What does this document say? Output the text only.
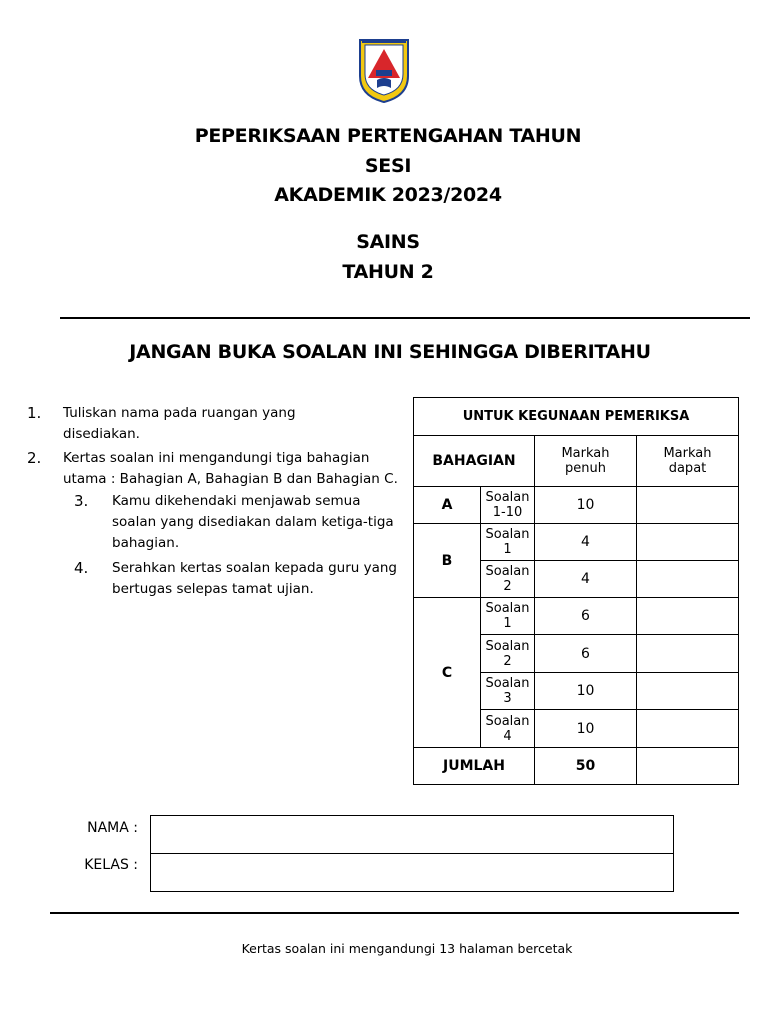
PEPERIKSAAN PERTENGAHAN TAHUN
SESI
AKADEMIK 2023/2024
SAINS
TAHUN 2
JANGAN BUKA SOALAN INI SEHINGGA DIBERITAHU
1. Tuliskan nama pada ruangan yang
disediakan.
2. Kertas soalan ini mengandungi tiga bahagian
utama : Bahagian A, Bahagian B dan Bahagian C.
3. Kamu dikehendaki menjawab semua
soalan yang disediakan dalam ketiga-tiga
bahagian.
4. Serahkan kertas soalan kepada guru yang
bertugas selepas tamat ujian.
UNTUK KEGUNAAN PEMERIKSA			
BAHAGIAN		Markah penuh	Markah dapat
A	Soalan 1-10	10	
B	Soalan 1	4	
	Soalan 2	4	
C	Soalan 1	6	
	Soalan 2	6	
	Soalan 3	10	
	Soalan 4	10	
JUMLAH		50	
NAMA :
KELAS :
Kertas soalan ini mengandungi 13 halaman bercetak
